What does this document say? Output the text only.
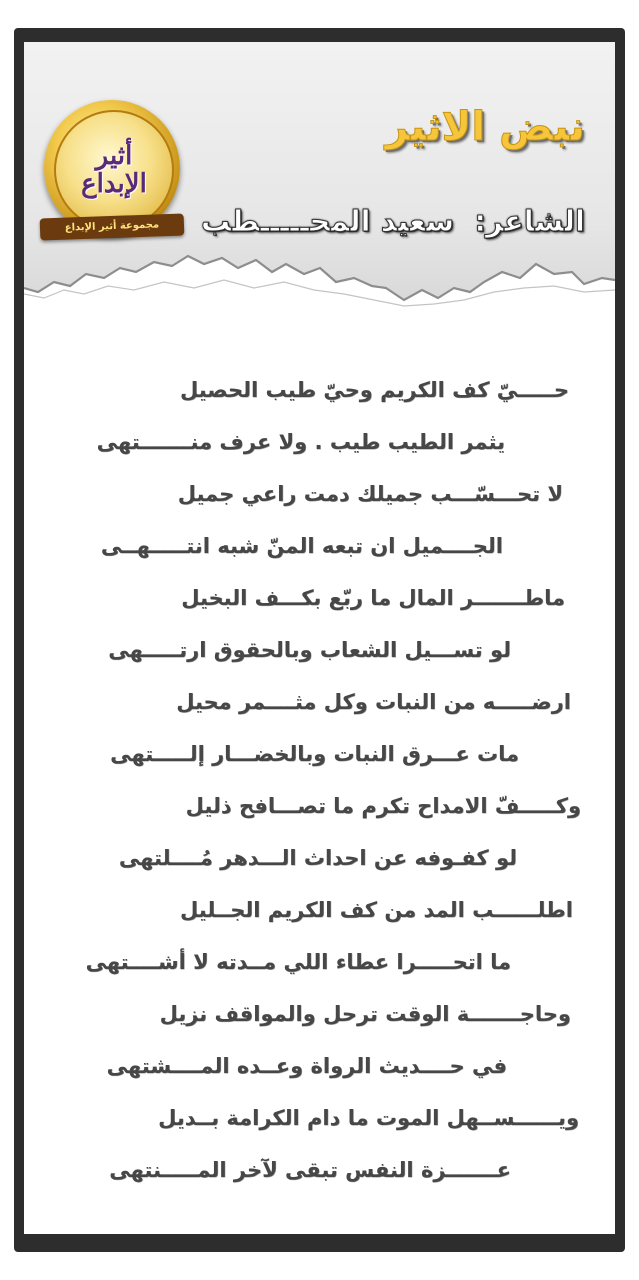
أثير
الإبداع
مجموعة أثير الإبداع
نبض الاثير
الشاعر: سعيد المحـــــطب
حـــــيّ كف الكريم وحيّ طيب الحصيل
يثمر الطيب طيب . ولا عرف منـــــــتهى
لا تحـــسّـــب جميلك دمت راعي جميل
الجــــميل ان تبعه المنّ شبه انتـــــهــى
ماطـــــــر المال ما ربّع بكـــف البخيل
لو تســـيل الشعاب وبالحقوق ارتـــــهى
ارضـــــه من النبات وكل مثــــمر محيل
مات عـــرق النبات وبالخضـــار إلـــــتهى
وكـــــفّ الامداح تكرم ما تصـــافح ذليل
لو كفـوفه عن احداث الـــدهر مُــــلتهى
اطلــــــب المد من كف الكريم الجــليل
ما اتحـــــرا عطاء اللي مــدته لا أشــــتهى
وحاجـــــــة الوقت ترحل والمواقف نزيل
في حــــديث الرواة وعــده المــــشتهى
ويــــــســهل الموت ما دام الكرامة بــديل
عـــــــزة النفس تبقى لآخر المـــــنتهى
